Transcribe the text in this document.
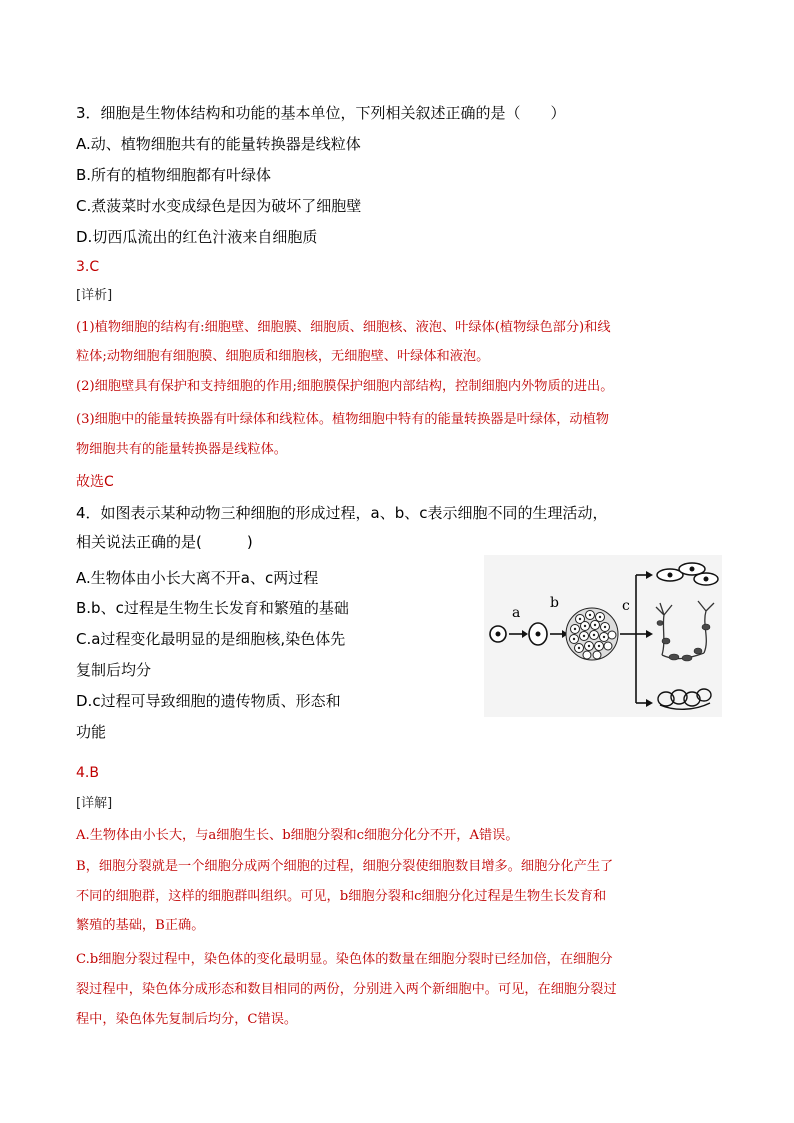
3．细胞是生物体结构和功能的基本单位，下列相关叙述正确的是（　　）
A.动、植物细胞共有的能量转换器是线粒体
B.所有的植物细胞都有叶绿体
C.煮菠菜时水变成绿色是因为破坏了细胞壁
D.切西瓜流出的红色汁液来自细胞质
3.C
[详析]
(1)植物细胞的结构有:细胞壁、细胞膜、细胞质、细胞核、液泡、叶绿体(植物绿色部分)和线
粒体;动物细胞有细胞膜、细胞质和细胞核，无细胞壁、叶绿体和液泡。
(2)细胞壁具有保护和支持细胞的作用;细胞膜保护细胞内部结构，控制细胞内外物质的进出。
(3)细胞中的能量转换器有叶绿体和线粒体。植物细胞中特有的能量转换器是叶绿体，动植物
物细胞共有的能量转换器是线粒体。
故选C
4．如图表示某种动物三种细胞的形成过程，a、b、c表示细胞不同的生理活动，
相关说法正确的是(　　　)
A.生物体由小长大离不开a、c两过程
B.b、c过程是生物生长发育和繁殖的基础
C.a过程变化最明显的是细胞核,染色体先
复制后均分
D.c过程可导致细胞的遗传物质、形态和
功能
a
b	c
4.B
[详解]
A.生物体由小长大，与a细胞生长、b细胞分裂和c细胞分化分不开，A错误。
B，细胞分裂就是一个细胞分成两个细胞的过程，细胞分裂使细胞数目增多。细胞分化产生了
不同的细胞群，这样的细胞群叫组织。可见，b细胞分裂和c细胞分化过程是生物生长发育和
繁殖的基础，B正确。
C.b细胞分裂过程中，染色体的变化最明显。染色体的数量在细胞分裂时已经加倍，在细胞分
裂过程中，染色体分成形态和数目相同的两份，分别进入两个新细胞中。可见，在细胞分裂过
程中，染色体先复制后均分，C错误。
